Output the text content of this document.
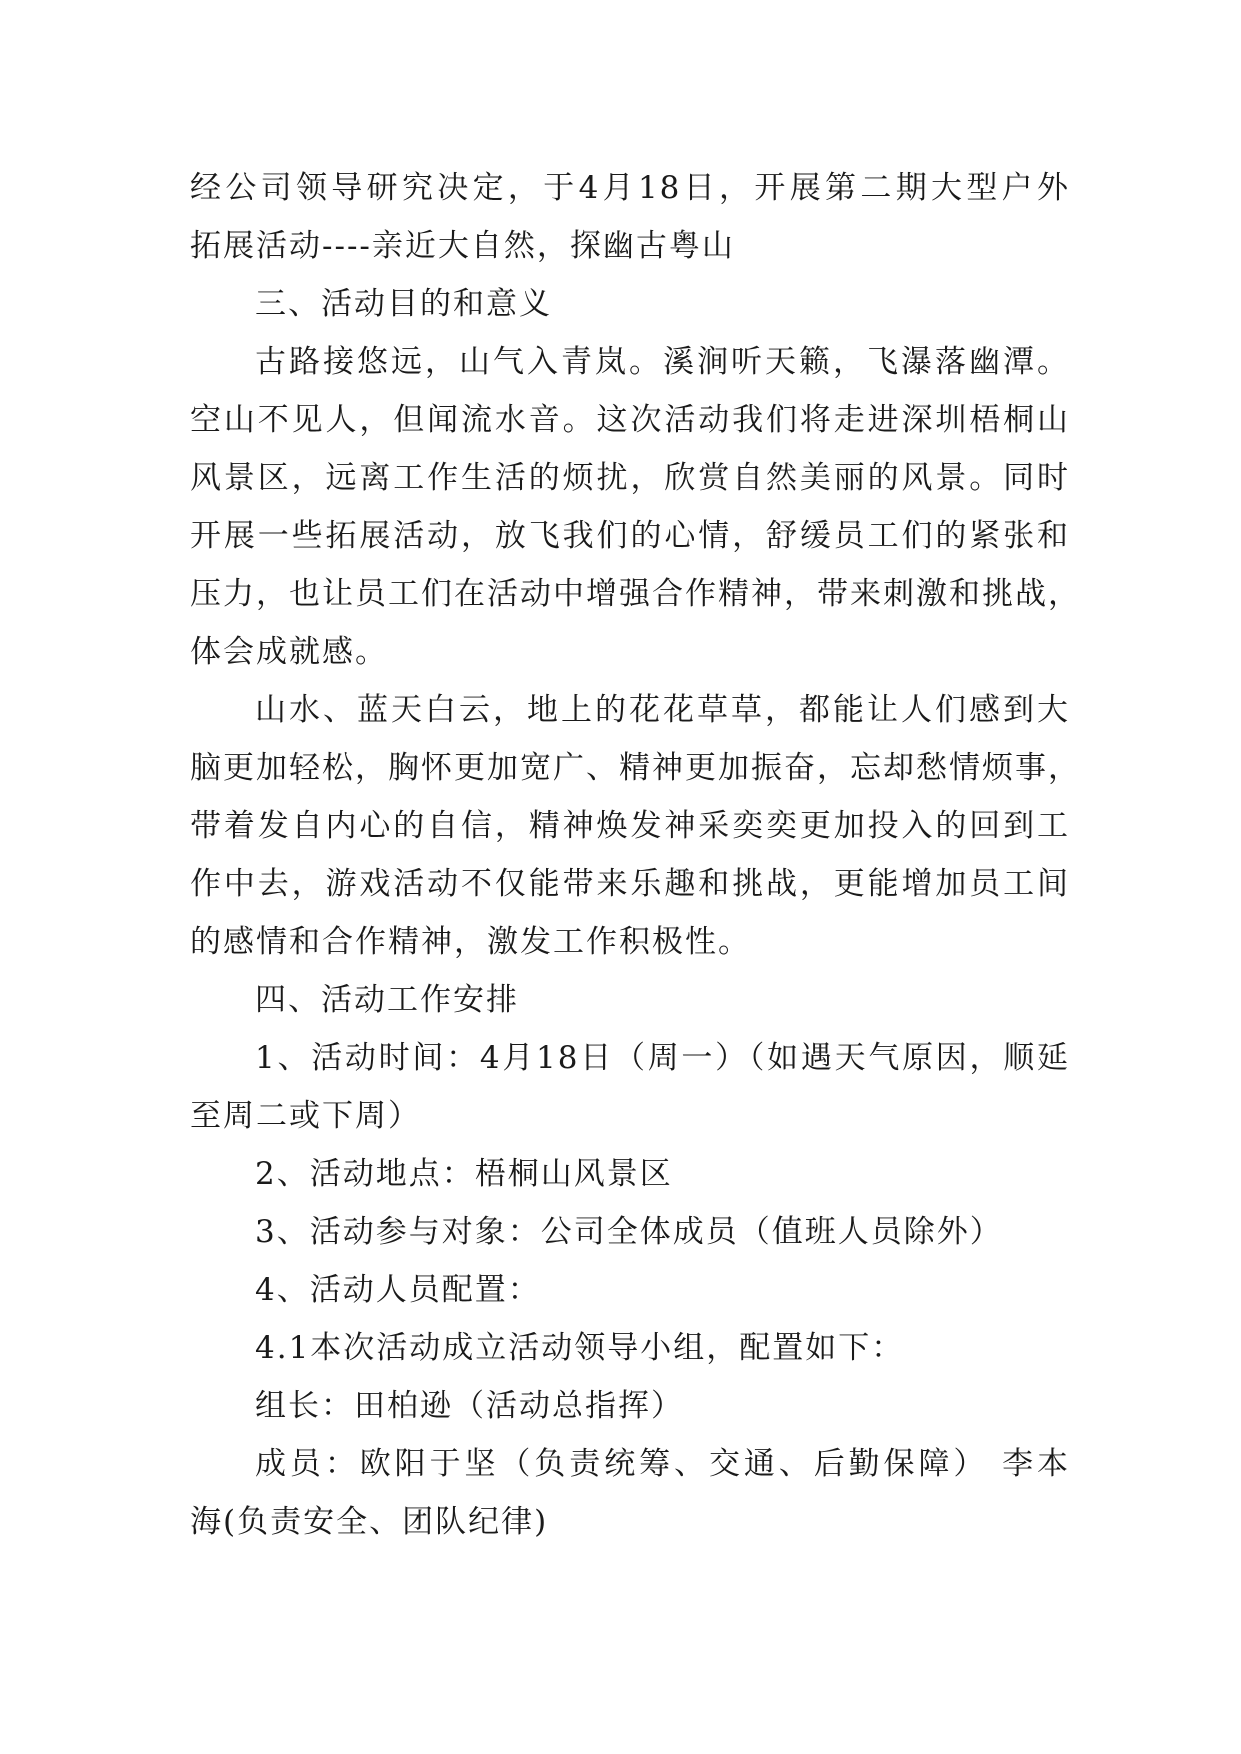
经公司领导研究决定，于4月18日，开展第二期大型户外
拓展活动----亲近大自然，探幽古粤山
三、活动目的和意义
古路接悠远，山气入青岚。溪涧听天籁，飞瀑落幽潭。
空山不见人，但闻流水音。这次活动我们将走进深圳梧桐山
风景区，远离工作生活的烦扰，欣赏自然美丽的风景。同时
开展一些拓展活动，放飞我们的心情，舒缓员工们的紧张和
压力，也让员工们在活动中增强合作精神，带来刺激和挑战，
体会成就感。
山水、蓝天白云，地上的花花草草，都能让人们感到大
脑更加轻松，胸怀更加宽广、精神更加振奋，忘却愁情烦事，
带着发自内心的自信，精神焕发神采奕奕更加投入的回到工
作中去，游戏活动不仅能带来乐趣和挑战，更能增加员工间
的感情和合作精神，激发工作积极性。
四、活动工作安排
1、活动时间：4月18日（周一）（如遇天气原因，顺延
至周二或下周）
2、活动地点：梧桐山风景区
3、活动参与对象：公司全体成员（值班人员除外）
4、活动人员配置：
4.1本次活动成立活动领导小组，配置如下：
组长：田柏逊（活动总指挥）
成员：欧阳于坚（负责统筹、交通、后勤保障） 李本
海(负责安全、团队纪律)
